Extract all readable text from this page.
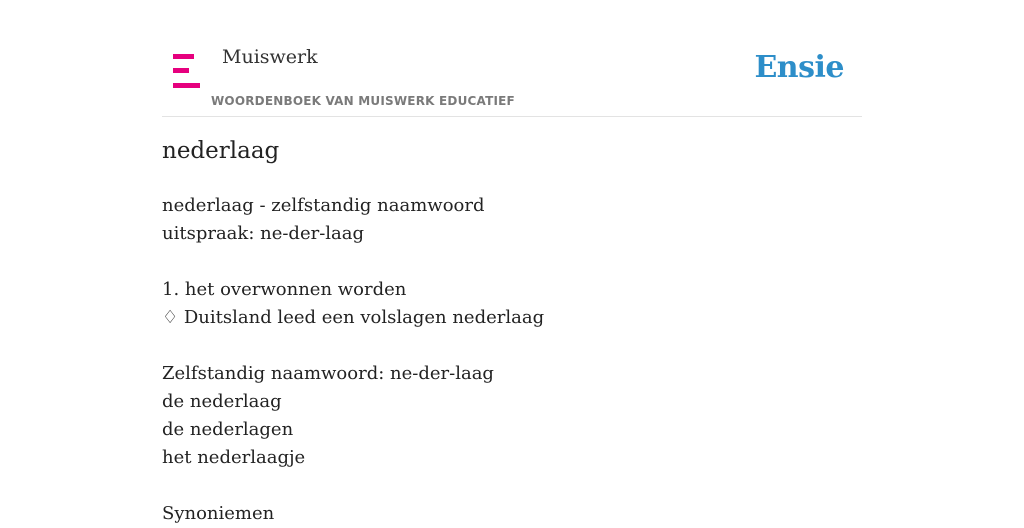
Muiswerk
WOORDENBOEK VAN MUISWERK EDUCATIEF
Ensie
nederlaag
nederlaag - zelfstandig naamwoord
uitspraak: ne-der-laag
1. het overwonnen worden
♢ Duitsland leed een volslagen nederlaag
Zelfstandig naamwoord: ne-der-laag
de nederlaag
de nederlagen
het nederlaagje
Synoniemen
